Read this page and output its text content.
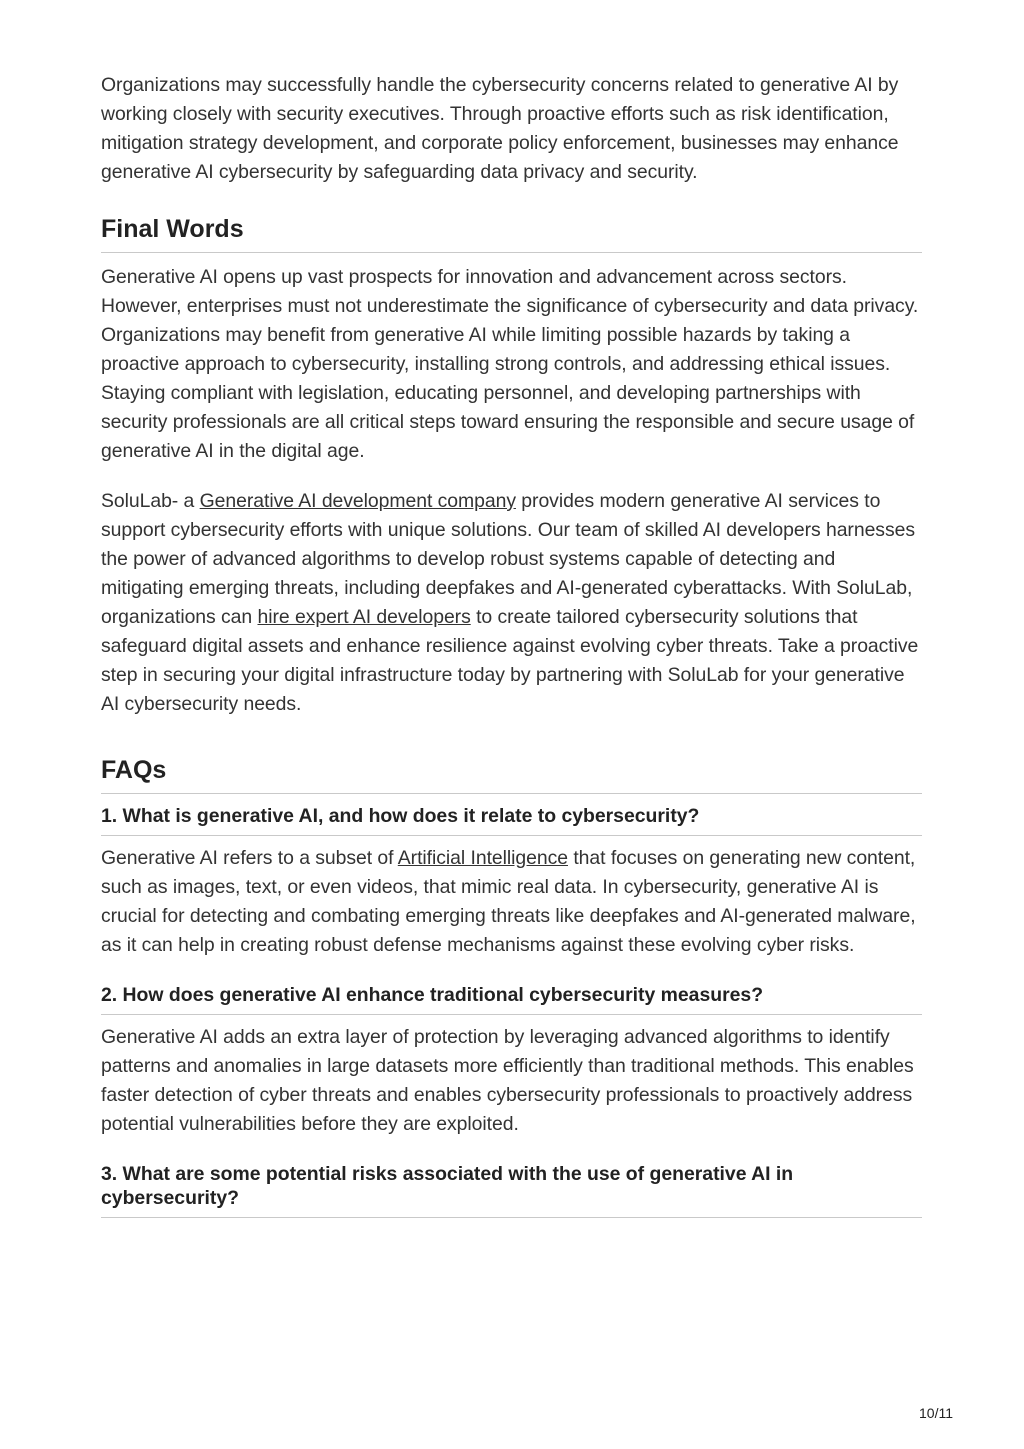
Organizations may successfully handle the cybersecurity concerns related to generative AI by working closely with security executives. Through proactive efforts such as risk identification, mitigation strategy development, and corporate policy enforcement, businesses may enhance generative AI cybersecurity by safeguarding data privacy and security.

Final Words

Generative AI opens up vast prospects for innovation and advancement across sectors. However, enterprises must not underestimate the significance of cybersecurity and data privacy. Organizations may benefit from generative AI while limiting possible hazards by taking a proactive approach to cybersecurity, installing strong controls, and addressing ethical issues. Staying compliant with legislation, educating personnel, and developing partnerships with security professionals are all critical steps toward ensuring the responsible and secure usage of generative AI in the digital age.

SoluLab- a Generative AI development company provides modern generative AI services to support cybersecurity efforts with unique solutions. Our team of skilled AI developers harnesses the power of advanced algorithms to develop robust systems capable of detecting and mitigating emerging threats, including deepfakes and AI-generated cyberattacks. With SoluLab, organizations can hire expert AI developers to create tailored cybersecurity solutions that safeguard digital assets and enhance resilience against evolving cyber threats. Take a proactive step in securing your digital infrastructure today by partnering with SoluLab for your generative AI cybersecurity needs.

FAQs
1. What is generative AI, and how does it relate to cybersecurity?

Generative AI refers to a subset of Artificial Intelligence that focuses on generating new content, such as images, text, or even videos, that mimic real data. In cybersecurity, generative AI is crucial for detecting and combating emerging threats like deepfakes and AI-generated malware, as it can help in creating robust defense mechanisms against these evolving cyber risks.

2. How does generative AI enhance traditional cybersecurity measures?

Generative AI adds an extra layer of protection by leveraging advanced algorithms to identify patterns and anomalies in large datasets more efficiently than traditional methods. This enables faster detection of cyber threats and enables cybersecurity professionals to proactively address potential vulnerabilities before they are exploited.

3. What are some potential risks associated with the use of generative AI in cybersecurity?
10/11
